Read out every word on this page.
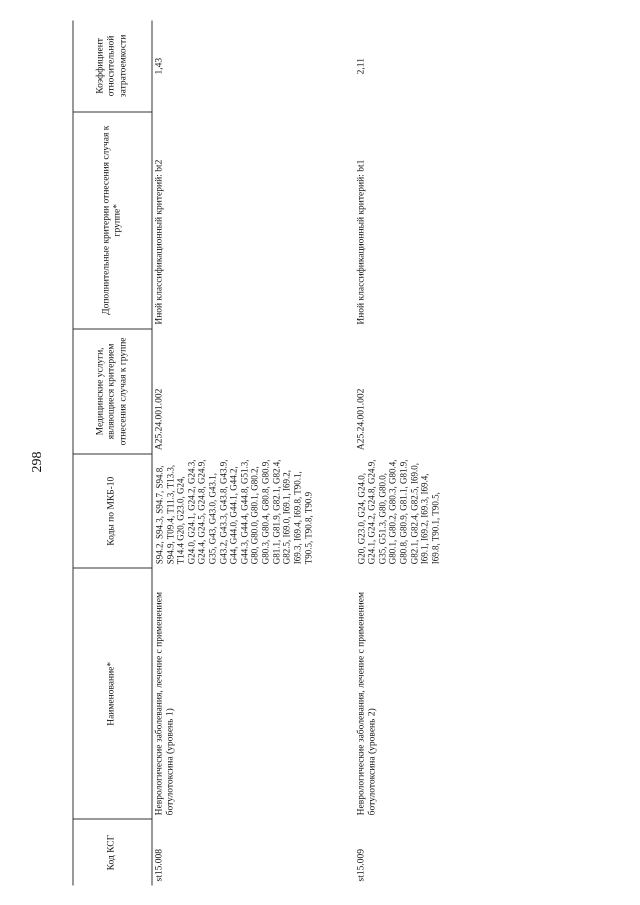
298
Код КСГ	Наименование*	Коды по МКБ-10	Медицинские услуги, являющиеся критерием отнесения случая к группе	Дополнительные критерии отнесения случая к группе*	Коэффициент относительной затратоемкости
st15.008	Неврологические заболевания, лечение с применением ботулотоксина (уровень 1)	S94.2, S94.3, S94.7, S94.8, S94.9, T09.4, T11.3, T13.3, T14.4 G20, G23.0, G24, G24.0, G24.1, G24.2, G24.3, G24.4, G24.5, G24.8, G24.9, G35, G43, G43.0, G43.1, G43.2, G43.3, G43.8, G43.9, G44, G44.0, G44.1, G44.2, G44.3, G44.4, G44.8, G51.3, G80, G80.0, G80.1, G80.2, G80.3, G80.4, G80.8, G80.9, G81.1, G81.9, G82.1, G82.4, G82.5, I69.0, I69.1, I69.2, I69.3, I69.4, I69.8, T90.1, T90.5, T90.8, T90.9	A25.24.001.002	Иной классификационный критерий: bt2	1,43
st15.009	Неврологические заболевания, лечение с применением ботулотоксина (уровень 2)	G20, G23.0, G24, G24.0, G24.1, G24.2, G24.8, G24.9, G35, G51.3, G80, G80.0, G80.1, G80.2, G80.3, G80.4, G80.8, G80.9, G81.1, G81.9, G82.1, G82.4, G82.5, I69.0, I69.1, I69.2, I69.3, I69.4, I69.8, T90.1, T90.5,	A25.24.001.002	Иной классификационный критерий: bt1	2,11
